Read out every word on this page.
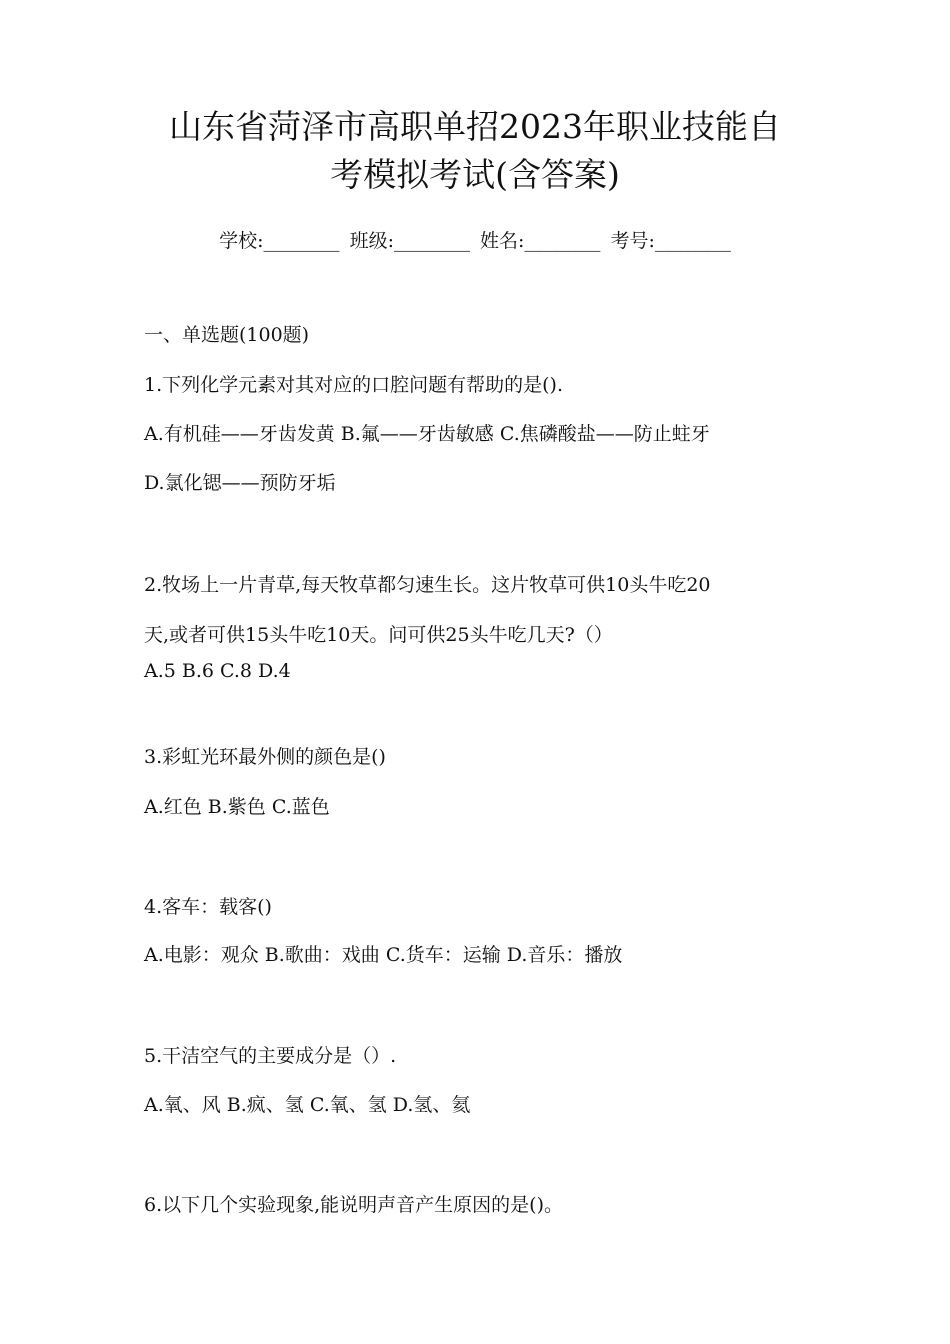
山东省菏泽市高职单招2023年职业技能自
考模拟考试(含答案)
学校:________ 班级:________ 姓名:________ 考号:________
一、单选题(100题)
1.下列化学元素对其对应的口腔问题有帮助的是().
A.有机硅——牙齿发黄 B.氟——牙齿敏感 C.焦磷酸盐——防止蛀牙
D.氯化锶——预防牙垢
2.牧场上一片青草,每天牧草都匀速生长。这片牧草可供10头牛吃20
天,或者可供15头牛吃10天。问可供25头牛吃几天?（）
A.5 B.6 C.8 D.4
3.彩虹光环最外侧的颜色是()
A.红色 B.紫色 C.蓝色
4.客车：载客()
A.电影：观众 B.歌曲：戏曲 C.货车：运输 D.音乐：播放
5.干洁空气的主要成分是（）.
A.氧、风 B.疯、氢 C.氧、氢 D.氢、氦
6.以下几个实验现象,能说明声音产生原因的是()。
